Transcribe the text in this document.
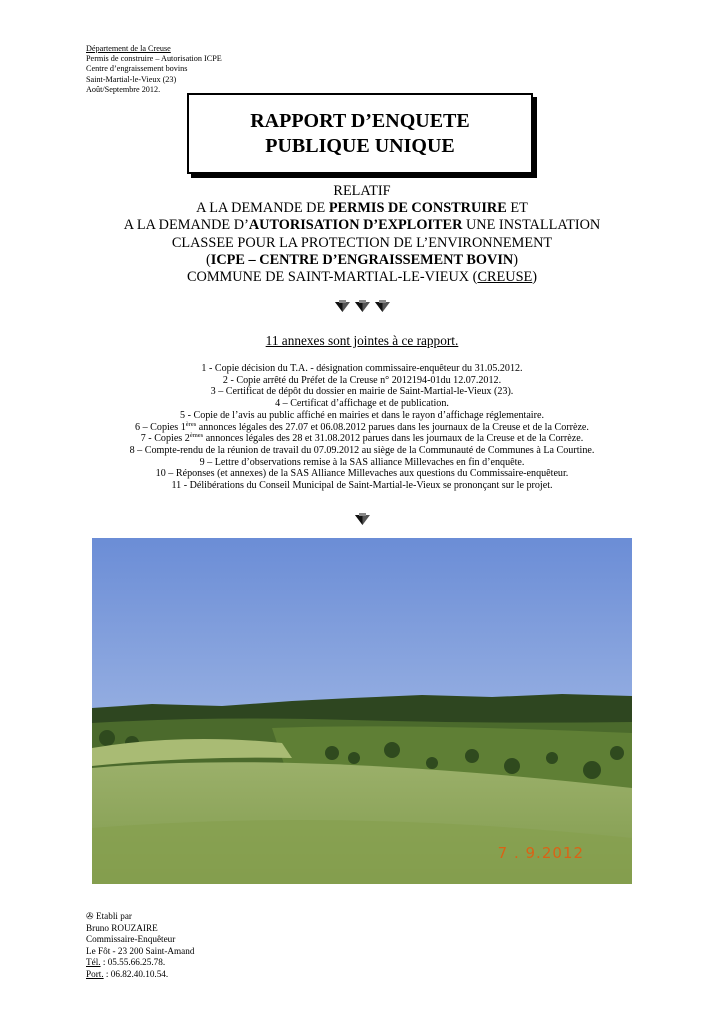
Département de la Creuse
Permis de construire – Autorisation ICPE
Centre d’engraissement bovins
Saint-Martial-le-Vieux (23)
Août/Septembre 2012.
RAPPORT D’ENQUETE
PUBLIQUE UNIQUE
RELATIF
A LA DEMANDE DE PERMIS DE CONSTRUIRE ET
A LA DEMANDE D’AUTORISATION D’EXPLOITER UNE INSTALLATION
CLASSEE POUR LA PROTECTION DE L’ENVIRONNEMENT
(ICPE – CENTRE D’ENGRAISSEMENT BOVIN)
COMMUNE DE SAINT-MARTIAL-LE-VIEUX (CREUSE)
11 annexes sont jointes à ce rapport.
1 - Copie décision du T.A. - désignation commissaire-enquêteur du 31.05.2012.
2 - Copie arrêté du Préfet de la Creuse n° 2012194-01du 12.07.2012.
3 – Certificat de dépôt du dossier en mairie de Saint-Martial-le-Vieux (23).
4 – Certificat d’affichage et de publication.
5 - Copie de l’avis au public affiché en mairies et dans le rayon d’affichage réglementaire.
6 – Copies 1ères annonces légales des 27.07 et 06.08.2012 parues dans les journaux de la Creuse et de la Corrèze.
7 - Copies 2èmes annonces légales des 28 et 31.08.2012 parues dans les journaux de la Creuse et de la Corrèze.
8 – Compte-rendu de la réunion de travail du 07.09.2012 au siège de la Communauté de Communes à La Courtine.
9 – Lettre d’observations remise à la SAS alliance Millevaches en fin d’enquête.
10 – Réponses (et annexes) de la SAS Alliance Millevaches aux questions du Commissaire-enquêteur.
11 - Délibérations du Conseil Municipal de Saint-Martial-le-Vieux se prononçant sur le projet.
7 . 9.2012
✇ Etabli par
Bruno ROUZAIRE
Commissaire-Enquêteur
Le Fôt - 23 200 Saint-Amand
Tél. : 05.55.66.25.78.
Port. : 06.82.40.10.54.
